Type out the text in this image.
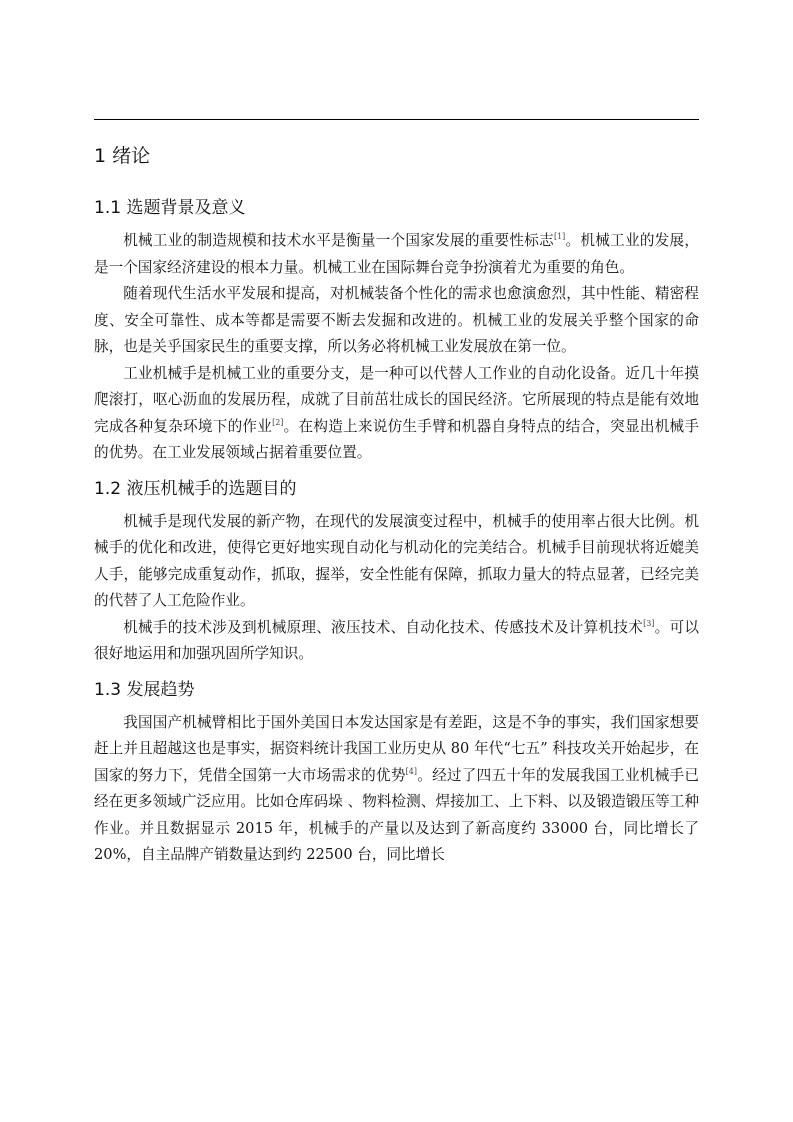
1 绪论
1.1 选题背景及意义

机械工业的制造规模和技术水平是衡量一个国家发展的重要性标志[1]。机械工业的发展，是一个国家经济建设的根本力量。机械工业在国际舞台竞争扮演着尤为重要的角色。

随着现代生活水平发展和提高，对机械装备个性化的需求也愈演愈烈，其中性能、精密程度、安全可靠性、成本等都是需要不断去发掘和改进的。机械工业的发展关乎整个国家的命脉，也是关乎国家民生的重要支撑，所以务必将机械工业发展放在第一位。

工业机械手是机械工业的重要分支，是一种可以代替人工作业的自动化设备。近几十年摸爬滚打，呕心沥血的发展历程，成就了目前茁壮成长的国民经济。它所展现的特点是能有效地完成各种复杂环境下的作业[2]。在构造上来说仿生手臂和机器自身特点的结合，突显出机械手的优势。在工业发展领域占据着重要位置。

1.2 液压机械手的选题目的

机械手是现代发展的新产物，在现代的发展演变过程中，机械手的使用率占很大比例。机械手的优化和改进，使得它更好地实现自动化与机动化的完美结合。机械手目前现状将近媲美人手，能够完成重复动作，抓取，握举，安全性能有保障，抓取力量大的特点显著，已经完美的代替了人工危险作业。

机械手的技术涉及到机械原理、液压技术、自动化技术、传感技术及计算机技术[3]。可以很好地运用和加强巩固所学知识。

1.3 发展趋势

我国国产机械臂相比于国外美国日本发达国家是有差距，这是不争的事实，我们国家想要赶上并且超越这也是事实，据资料统计我国工业历史从 80 年代“七五” 科技攻关开始起步，在国家的努力下，凭借全国第一大市场需求的优势[4]。经过了四五十年的发展我国工业机械手已经在更多领域广泛应用。比如仓库码垛 、物料检测、焊接加工、上下料、以及锻造锻压等工种作业。并且数据显示 2015 年，机械手的产量以及达到了新高度约 33000 台，同比增长了 20%，自主品牌产销数量达到约 22500 台，同比增长
